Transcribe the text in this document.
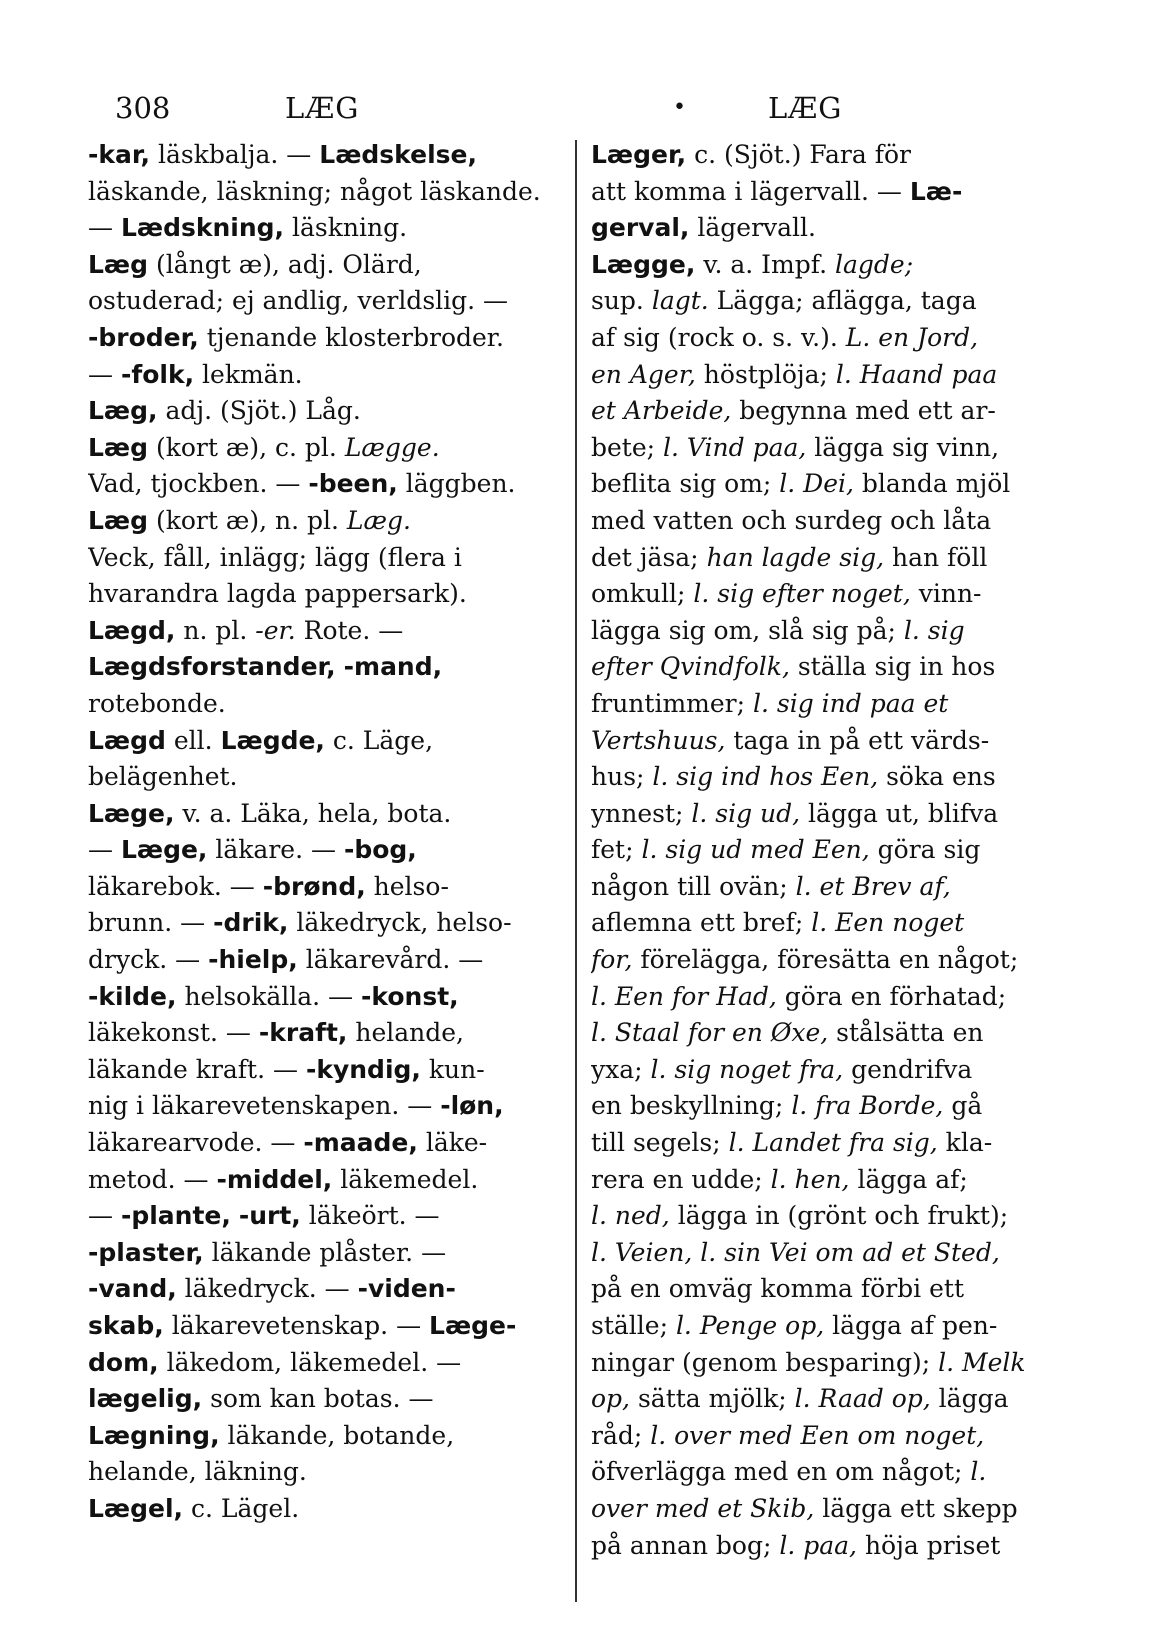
308	LÆG	•	LÆG
-kar, läskbalja. — Lædskelse,
läskande, läskning; något läskande.
— Lædskning, läskning.
Læg (långt æ), adj. Olärd,
ostuderad; ej andlig, verldslig. —
-broder, tjenande klosterbroder.
— -folk, lekmän.
Læg, adj. (Sjöt.) Låg.
Læg (kort æ), c. pl. Lægge.
Vad, tjockben. — -been, läggben.
Læg (kort æ), n. pl. Læg.
Veck, fåll, inlägg; lägg (flera i
hvarandra lagda pappersark).
Lægd, n. pl. -er. Rote. —
Lægdsforstander, -mand,
rotebonde.
Lægd ell. Lægde, c. Läge,
belägenhet.
Læge, v. a. Läka, hela, bota.
— Læge, läkare. — -bog,
läkarebok. — -brønd, helso-
brunn. — -drik, läkedryck, helso-
dryck. — -hielp, läkarevård. —
-kilde, helsokälla. — -konst,
läkekonst. — -kraft, helande,
läkande kraft. — -kyndig, kun-
nig i läkarevetenskapen. — -løn,
läkarearvode. — -maade, läke-
metod. — -middel, läkemedel.
— -plante, -urt, läkeört. —
-plaster, läkande plåster. —
-vand, läkedryck. — -viden-
skab, läkarevetenskap. — Læge-
dom, läkedom, läkemedel. —
lægelig, som kan botas. —
Lægning, läkande, botande,
helande, läkning.
Lægel, c. Lägel.
Læger, c. (Sjöt.) Fara för
att komma i lägervall. — Læ-
gerval, lägervall.
Lægge, v. a. Impf. lagde;
sup. lagt. Lägga; aflägga, taga
af sig (rock o. s. v.). L. en Jord,
en Ager, höstplöja; l. Haand paa
et Arbeide, begynna med ett ar-
bete; l. Vind paa, lägga sig vinn,
beflita sig om; l. Dei, blanda mjöl
med vatten och surdeg och låta
det jäsa; han lagde sig, han föll
omkull; l. sig efter noget, vinn-
lägga sig om, slå sig på; l. sig
efter Qvindfolk, ställa sig in hos
fruntimmer; l. sig ind paa et
Vertshuus, taga in på ett värds-
hus; l. sig ind hos Een, söka ens
ynnest; l. sig ud, lägga ut, blifva
fet; l. sig ud med Een, göra sig
någon till ovän; l. et Brev af,
aflemna ett bref; l. Een noget
for, förelägga, föresätta en något;
l. Een for Had, göra en förhatad;
l. Staal for en Øxe, stålsätta en
yxa; l. sig noget fra, gendrifva
en beskyllning; l. fra Borde, gå
till segels; l. Landet fra sig, kla-
rera en udde; l. hen, lägga af;
l. ned, lägga in (grönt och frukt);
l. Veien, l. sin Vei om ad et Sted,
på en omväg komma förbi ett
ställe; l. Penge op, lägga af pen-
ningar (genom besparing); l. Melk
op, sätta mjölk; l. Raad op, lägga
råd; l. over med Een om noget,
öfverlägga med en om något; l.
over med et Skib, lägga ett skepp
på annan bog; l. paa, höja priset
